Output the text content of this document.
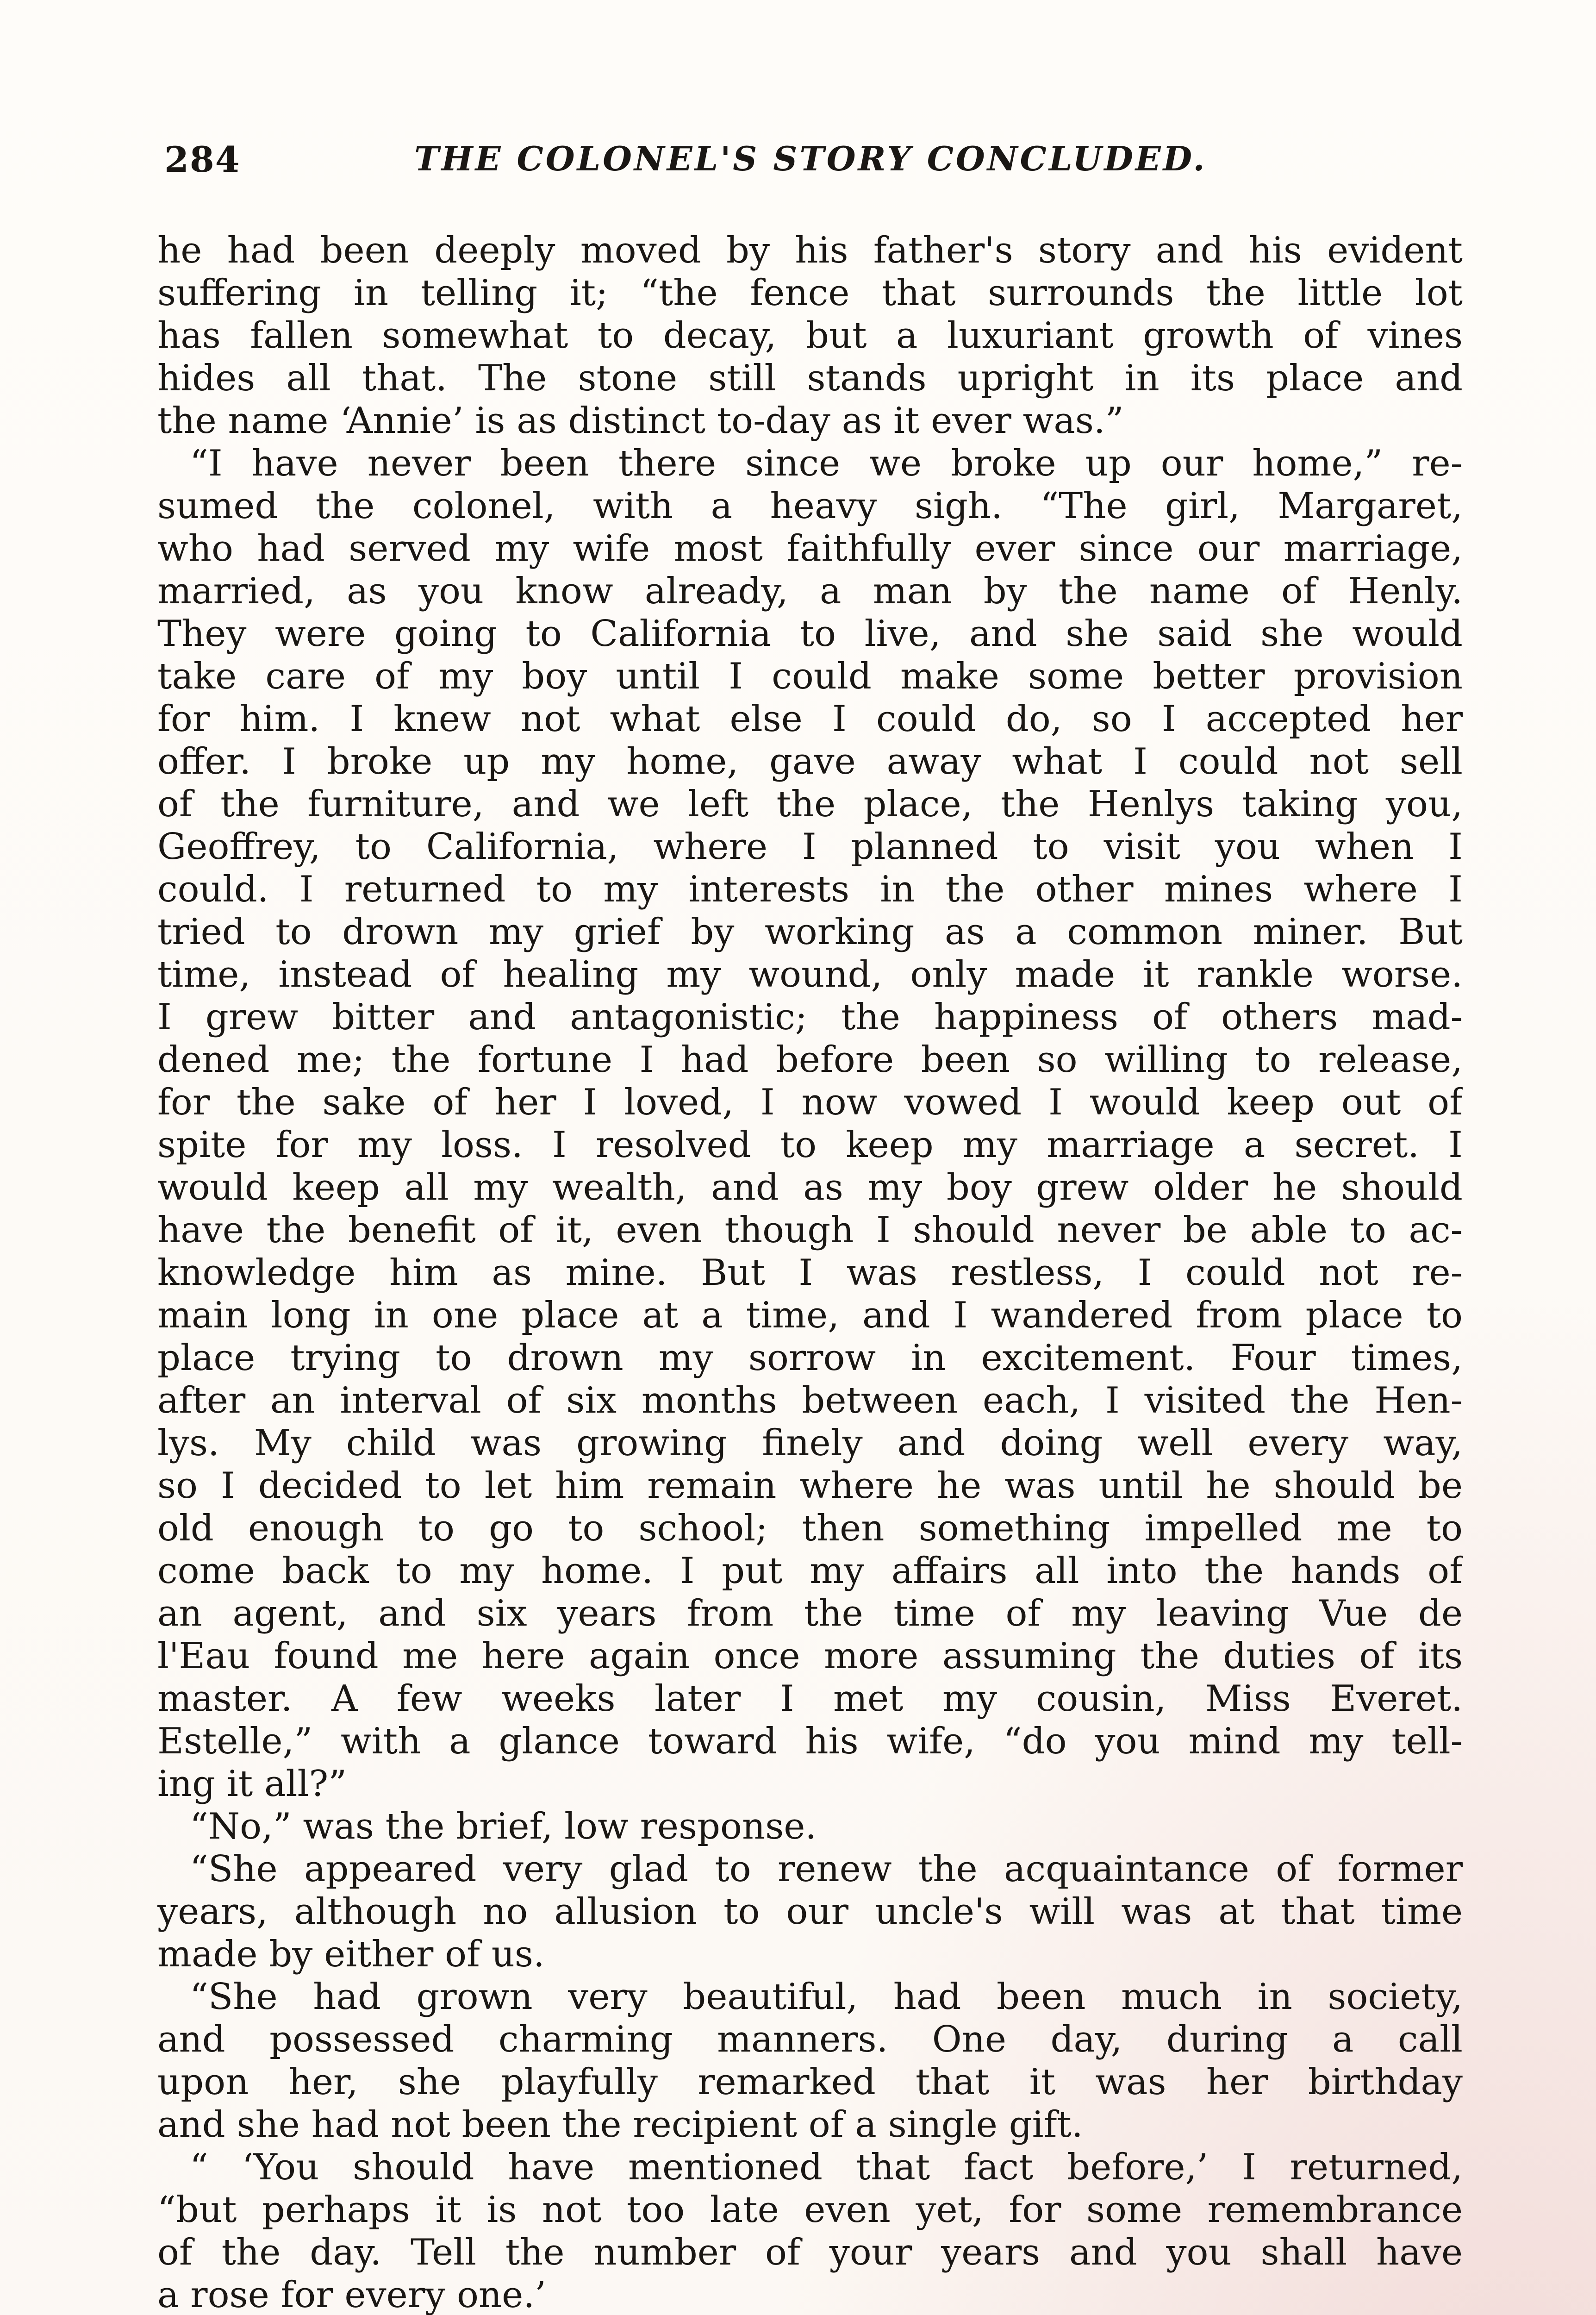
284	THE COLONEL'S STORY CONCLUDED.
he had been deeply moved by his father's story and his evident
suffering in telling it; “the fence that surrounds the little lot
has fallen somewhat to decay, but a luxuriant growth of vines
hides all that. The stone still stands upright in its place and
the name ‘Annie’ is as distinct to-day as it ever was.”
“I have never been there since we broke up our home,” re-
sumed the colonel, with a heavy sigh. “The girl, Margaret,
who had served my wife most faithfully ever since our marriage,
married, as you know already, a man by the name of Henly.
They were going to California to live, and she said she would
take care of my boy until I could make some better provision
for him. I knew not what else I could do, so I accepted her
offer. I broke up my home, gave away what I could not sell
of the furniture, and we left the place, the Henlys taking you,
Geoffrey, to California, where I planned to visit you when I
could. I returned to my interests in the other mines where I
tried to drown my grief by working as a common miner. But
time, instead of healing my wound, only made it rankle worse.
I grew bitter and antagonistic; the happiness of others mad-
dened me; the fortune I had before been so willing to release,
for the sake of her I loved, I now vowed I would keep out of
spite for my loss. I resolved to keep my marriage a secret. I
would keep all my wealth, and as my boy grew older he should
have the benefit of it, even though I should never be able to ac-
knowledge him as mine. But I was restless, I could not re-
main long in one place at a time, and I wandered from place to
place trying to drown my sorrow in excitement. Four times,
after an interval of six months between each, I visited the Hen-
lys. My child was growing finely and doing well every way,
so I decided to let him remain where he was until he should be
old enough to go to school; then something impelled me to
come back to my home. I put my affairs all into the hands of
an agent, and six years from the time of my leaving Vue de
l'Eau found me here again once more assuming the duties of its
master. A few weeks later I met my cousin, Miss Everet.
Estelle,” with a glance toward his wife, “do you mind my tell-
ing it all?”
“No,” was the brief, low response.
“She appeared very glad to renew the acquaintance of former
years, although no allusion to our uncle's will was at that time
made by either of us.
“She had grown very beautiful, had been much in society,
and possessed charming manners. One day, during a call
upon her, she playfully remarked that it was her birthday
and she had not been the recipient of a single gift.
“ ‘You should have mentioned that fact before,’ I returned,
“but perhaps it is not too late even yet, for some remembrance
of the day. Tell the number of your years and you shall have
a rose for every one.’
